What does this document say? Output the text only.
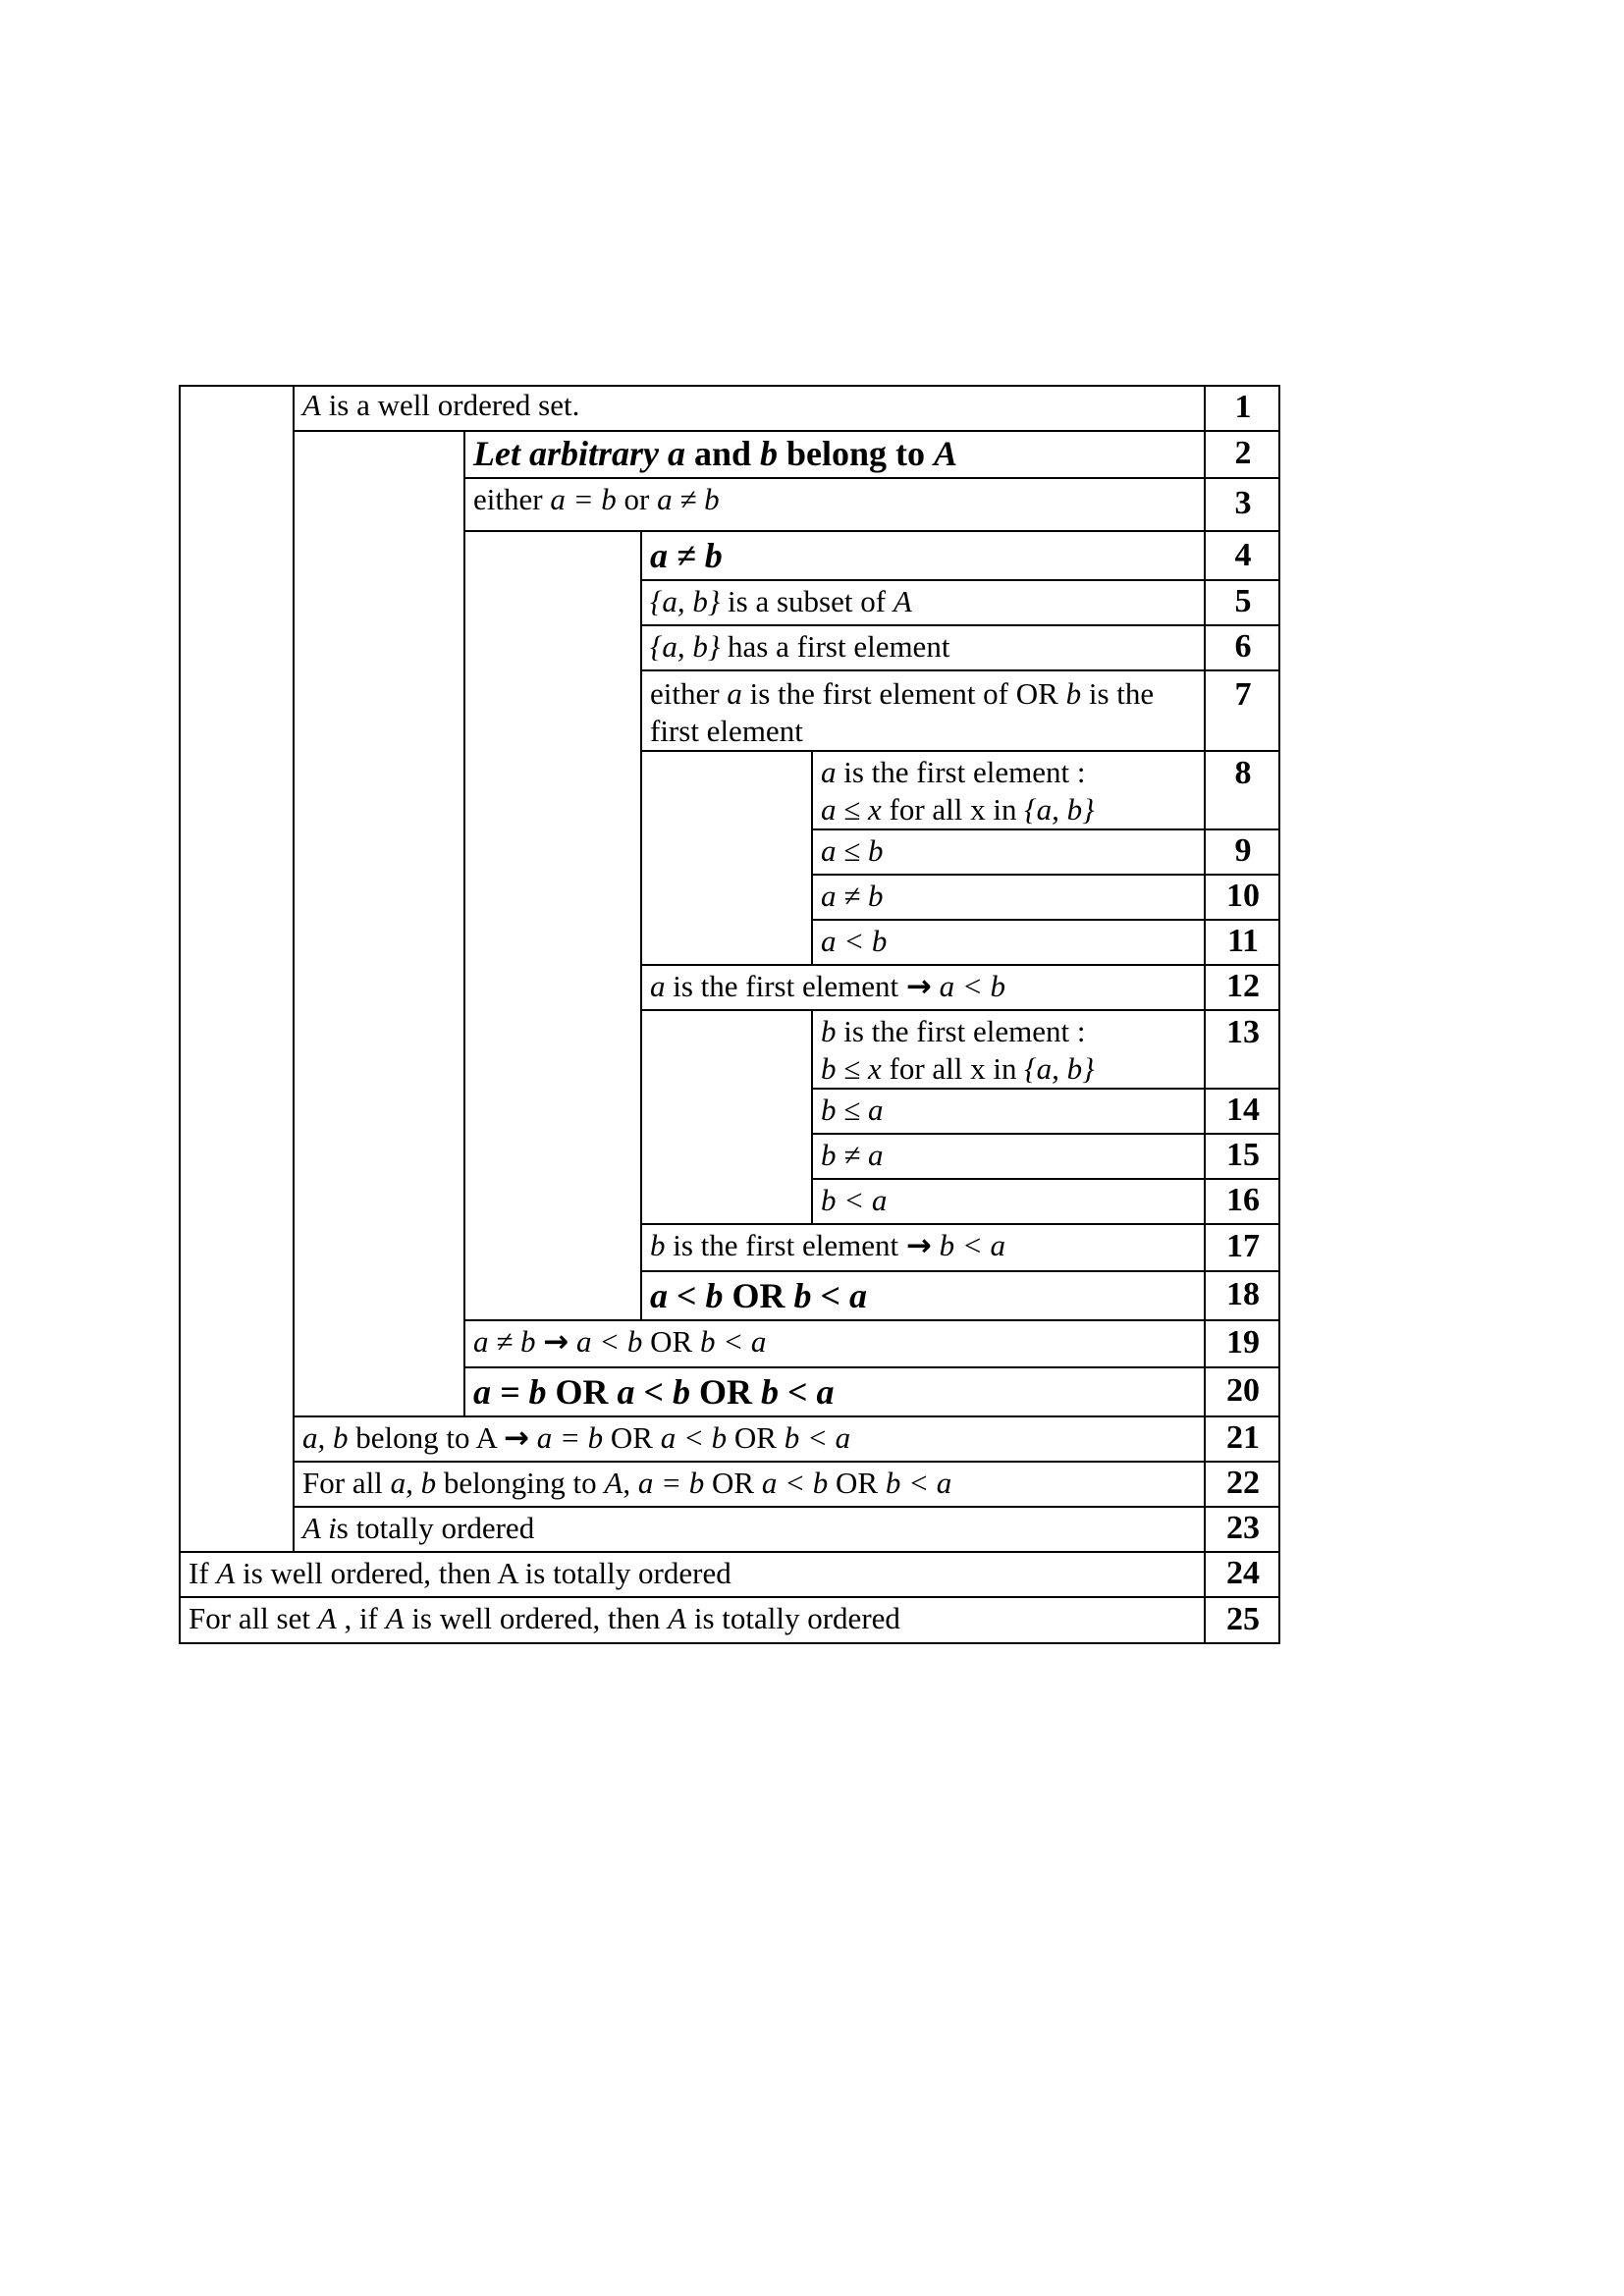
A is a well ordered set.
Let arbitrary a and b belong to A
either a = b or a ≠ b
a ≠ b
{a, b} is a subset of A
{a, b} has a first element
either a is the first element of OR b is the first element
a is the first element :
a ≤ x for all x in {a, b}
a ≤ b
a ≠ b
a < b
a is the first element → a < b
b is the first element :
b ≤ x for all x in {a, b}
b ≤ a
b ≠ a
b < a
b is the first element → b < a
a < b OR b < a
a ≠ b → a < b OR b < a
a = b OR a < b OR b < a
a, b belong to A → a = b OR a < b OR b < a
For all a, b belonging to A, a = b OR a < b OR b < a
A is totally ordered
If A is well ordered, then A is totally ordered
For all set A , if A is well ordered, then A is totally ordered
1
2
3
4
5
6
7
8
9
10
11
12
13
14
15
16
17
18
19
20
21
22
23
24
25
